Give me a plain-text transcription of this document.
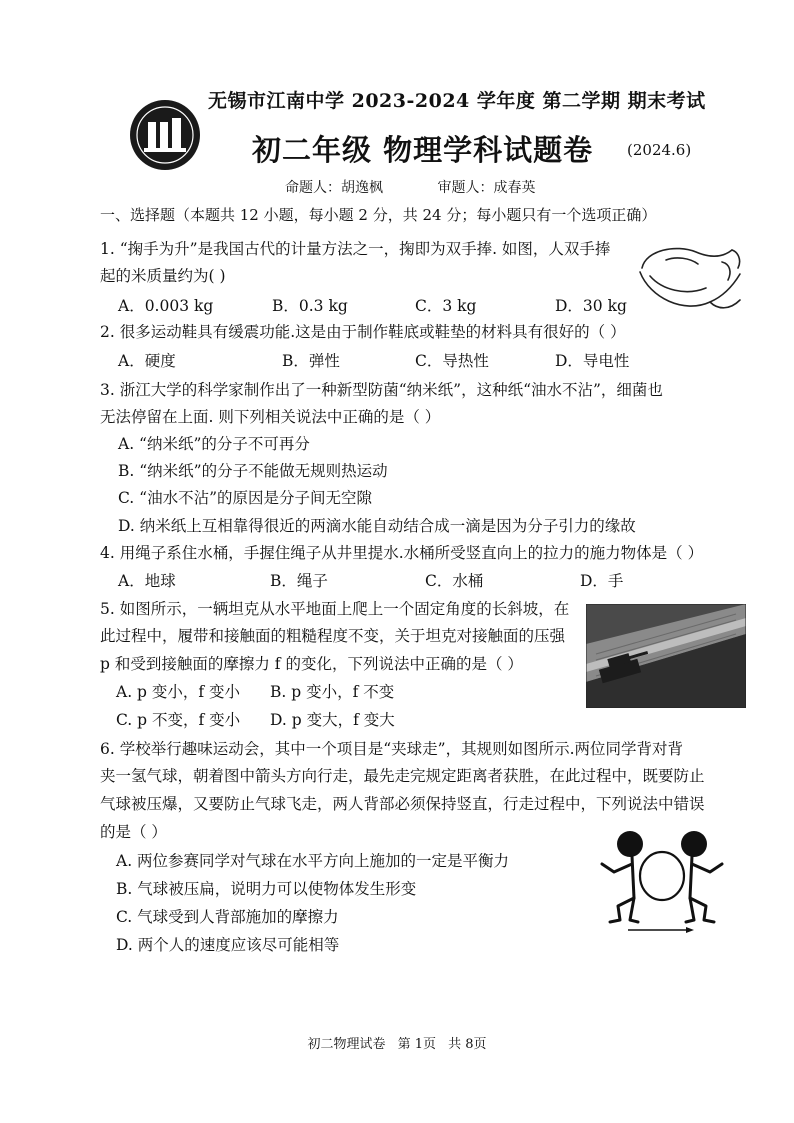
无锡市江南中学 2023-2024 学年度 第二学期 期末考试
初二年级 物理学科试题卷 (2024.6)
命题人：胡逸枫	审题人：成春英
一、选择题（本题共 12 小题，每小题 2 分，共 24 分；每小题只有一个选项正确）
1. “掬手为升”是我国古代的计量方法之一，掬即为双手捧. 如图，人双手捧
起的米质量约为( )
A．0.003 kg	B．0.3 kg	C．3 kg	D．30 kg
2. 很多运动鞋具有缓震功能.这是由于制作鞋底或鞋垫的材料具有很好的（ ）
A．硬度	B．弹性	C．导热性	D．导电性
3. 浙江大学的科学家制作出了一种新型防菌“纳米纸”，这种纸“油水不沾”，细菌也
无法停留在上面. 则下列相关说法中正确的是（ ）
A. “纳米纸”的分子不可再分
B. “纳米纸”的分子不能做无规则热运动
C. “油水不沾”的原因是分子间无空隙
D. 纳米纸上互相靠得很近的两滴水能自动结合成一滴是因为分子引力的缘故
4. 用绳子系住水桶，手握住绳子从井里提水.水桶所受竖直向上的拉力的施力物体是（ ）
A．地球	B．绳子	C．水桶	D．手
5. 如图所示，一辆坦克从水平地面上爬上一个固定角度的长斜坡，在
此过程中，履带和接触面的粗糙程度不变，关于坦克对接触面的压强
p 和受到接触面的摩擦力 f 的变化，下列说法中正确的是（ ）
A. p 变小，f 变小 B. p 变小，f 不变
C. p 不变，f 变小 D. p 变大，f 变大
6. 学校举行趣味运动会，其中一个项目是“夹球走”，其规则如图所示.两位同学背对背
夹一氢气球，朝着图中箭头方向行走，最先走完规定距离者获胜，在此过程中，既要防止
气球被压爆，又要防止气球飞走，两人背部必须保持竖直，行走过程中，下列说法中错误
的是（ ）
A. 两位参赛同学对气球在水平方向上施加的一定是平衡力
B. 气球被压扁，说明力可以使物体发生形变
C. 气球受到人背部施加的摩擦力
D. 两个人的速度应该尽可能相等
初二物理试卷 第 1页 共 8页
